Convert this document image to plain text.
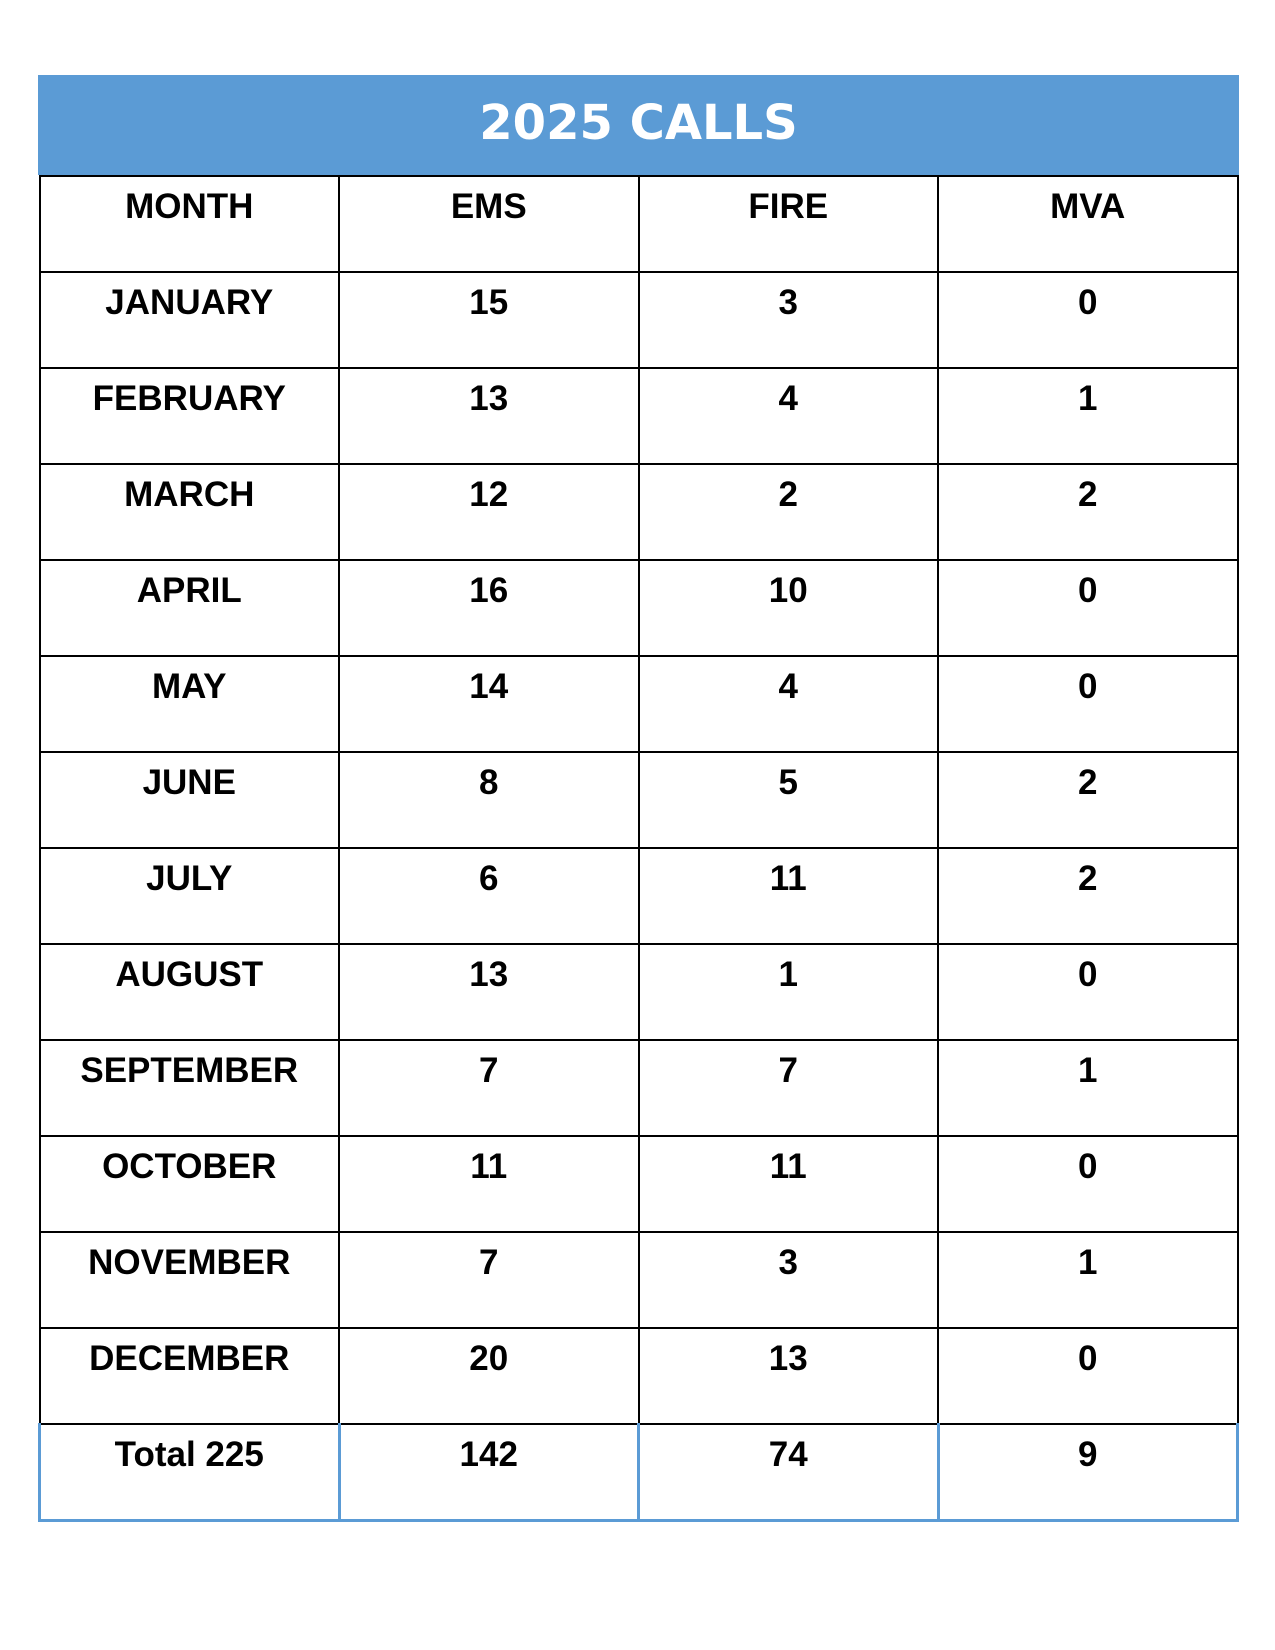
2025 CALLS
MONTH	EMS	FIRE	MVA
JANUARY	15	3	0
FEBRUARY	13	4	1
MARCH	12	2	2
APRIL	16	10	0
MAY	14	4	0
JUNE	8	5	2
JULY	6	11	2
AUGUST	13	1	0
SEPTEMBER	7	7	1
OCTOBER	11	11	0
NOVEMBER	7	3	1
DECEMBER	20	13	0
Total 225	142	74	9
